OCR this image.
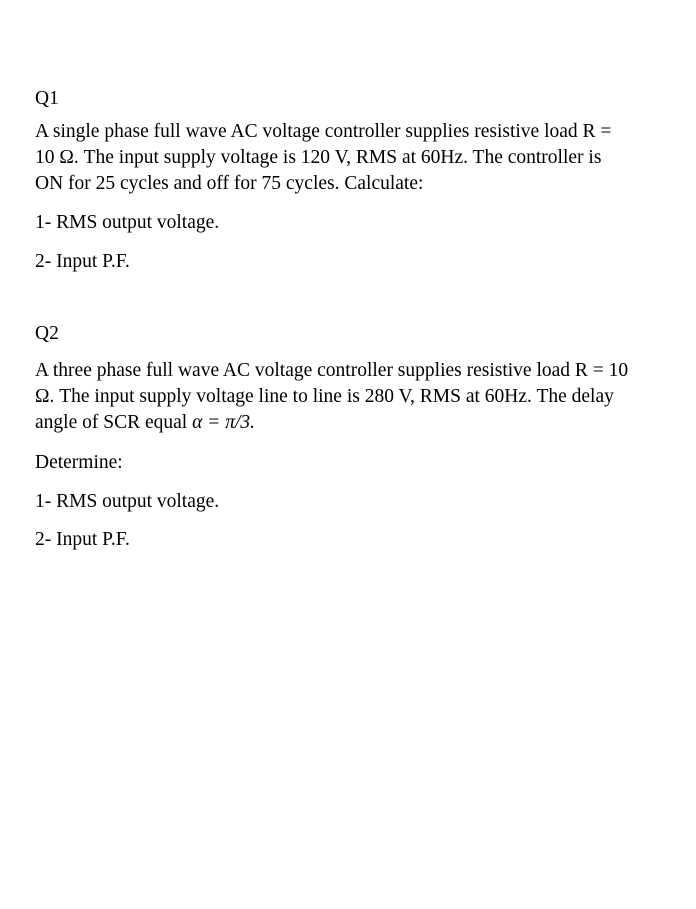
Q1

A single phase full wave AC voltage controller supplies resistive load R =
10 Ω. The input supply voltage is 120 V, RMS at 60Hz. The controller is
ON for 25 cycles and off for 75 cycles. Calculate:

1- RMS output voltage.

2- Input P.F.

Q2

A three phase full wave AC voltage controller supplies resistive load R = 10
Ω. The input supply voltage line to line is 280 V, RMS at 60Hz. The delay
angle of SCR equal α = π/3.

Determine:

1- RMS output voltage.

2- Input P.F.
